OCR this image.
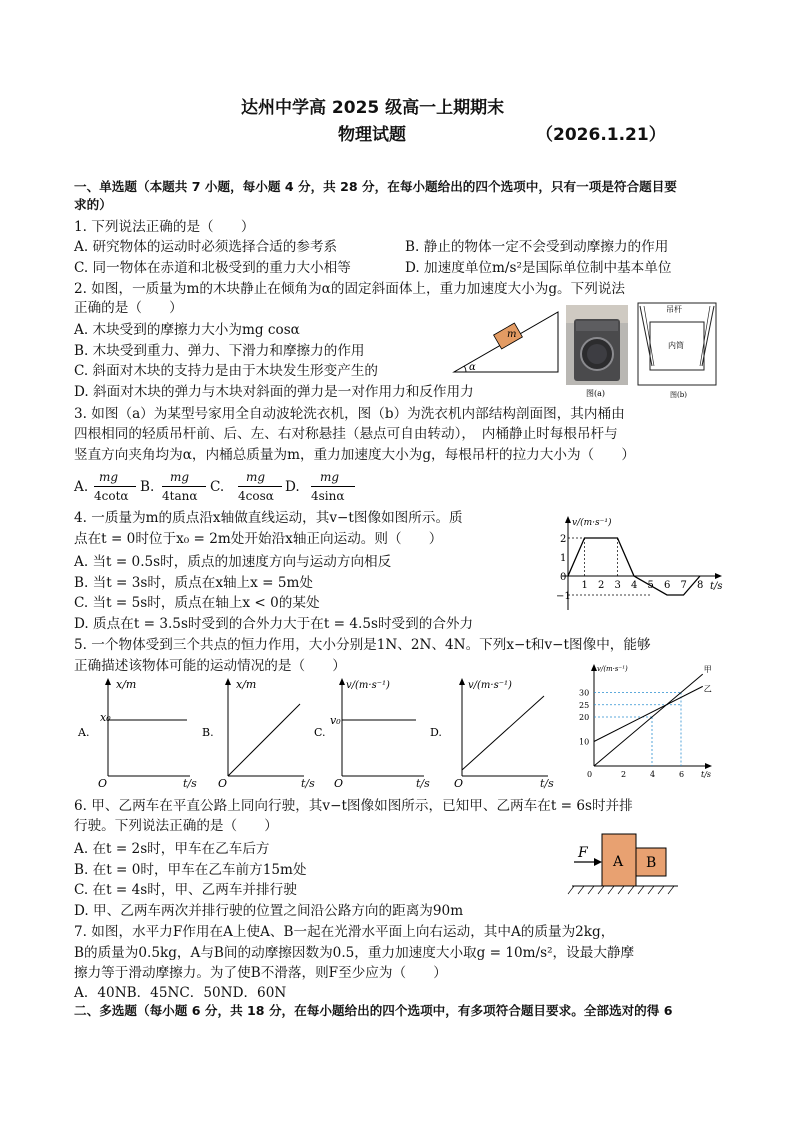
达州中学高 2025 级高一上期期末
物理试题	（2026.1.21）
一、单选题（本题共 7 小题，每小题 4 分，共 28 分，在每小题给出的四个选项中，只有一项是符合题目要
求的）
1. 下列说法正确的是（　　）
A. 研究物体的运动时必须选择合适的参考系	B. 静止的物体一定不会受到动摩擦力的作用
C. 同一物体在赤道和北极受到的重力大小相等	D. 加速度单位m/s²是国际单位制中基本单位
2. 如图，一质量为m的木块静止在倾角为α的固定斜面体上，重力加速度大小为g。下列说法
正确的是（　　）
A. 木块受到的摩擦力大小为mg cosα
B. 木块受到重力、弹力、下滑力和摩擦力的作用
C. 斜面对木块的支持力是由于木块发生形变产生的
D. 斜面对木块的弹力与木块对斜面的弹力是一对作用力和反作用力
m
α
图(a)
吊杆
内筒
图(b)
3. 如图（a）为某型号家用全自动波轮洗衣机，图（b）为洗衣机内部结构剖面图，其内桶由
四根相同的轻质吊杆前、后、左、右对称悬挂（悬点可自由转动），　内桶静止时每根吊杆与
竖直方向夹角均为α，内桶总质量为m，重力加速度大小为g，每根吊杆的拉力大小为（　　）
A.
mg
4cotα
B.
mg
4tanα
C.
mg
4cosα
D.
mg
4sinα
4. 一质量为m的质点沿x轴做直线运动，其v−t图像如图所示。质
点在t = 0时位于x₀ = 2m处开始沿x轴正向运动。则（　　）
A. 当t = 0.5s时，质点的加速度方向与运动方向相反
B. 当t = 3s时，质点在x轴上x = 5m处
C. 当t = 5s时，质点在轴上x < 0的某处
D. 质点在t = 3.5s时受到的合外力大于在t = 4.5s时受到的合外力
v/(m·s⁻¹)
t/s
2
1
0
−1
1 2 3 4 5 6 7 8
5. 一个物体受到三个共点的恒力作用，大小分别是1N、2N、4N。下列x−t和v−t图像中，能够
正确描述该物体可能的运动情况的是（　　）
A.
x/m
x₀
O	t/s
B.
x/m
O	t/s
C.
v/(m·s⁻¹)
v₀
O	t/s
D.
v/(m·s⁻¹)
O	t/s
v/(m·s⁻¹)
t/s
10
20
25
30
0	2	4	6
甲
乙
6. 甲、乙两车在平直公路上同向行驶，其v−t图像如图所示，已知甲、乙两车在t = 6s时并排
行驶。下列说法正确的是（　　）
A. 在t = 2s时，甲车在乙车后方
B. 在t = 0时，甲车在乙车前方15m处
C. 在t = 4s时，甲、乙两车并排行驶
D. 甲、乙两车两次并排行驶的位置之间沿公路方向的距离为90m
F
A B
7. 如图，水平力F作用在A上使A、B一起在光滑水平面上向右运动，其中A的质量为2kg，
B的质量为0.5kg，A与B间的动摩擦因数为0.5，重力加速度大小取g = 10m/s²，设最大静摩
擦力等于滑动摩擦力。为了使B不滑落，则F至少应为（　　）
A．40NB．45NC．50ND．60N
二、多选题（每小题 6 分，共 18 分，在每小题给出的四个选项中，有多项符合题目要求。全部选对的得 6
